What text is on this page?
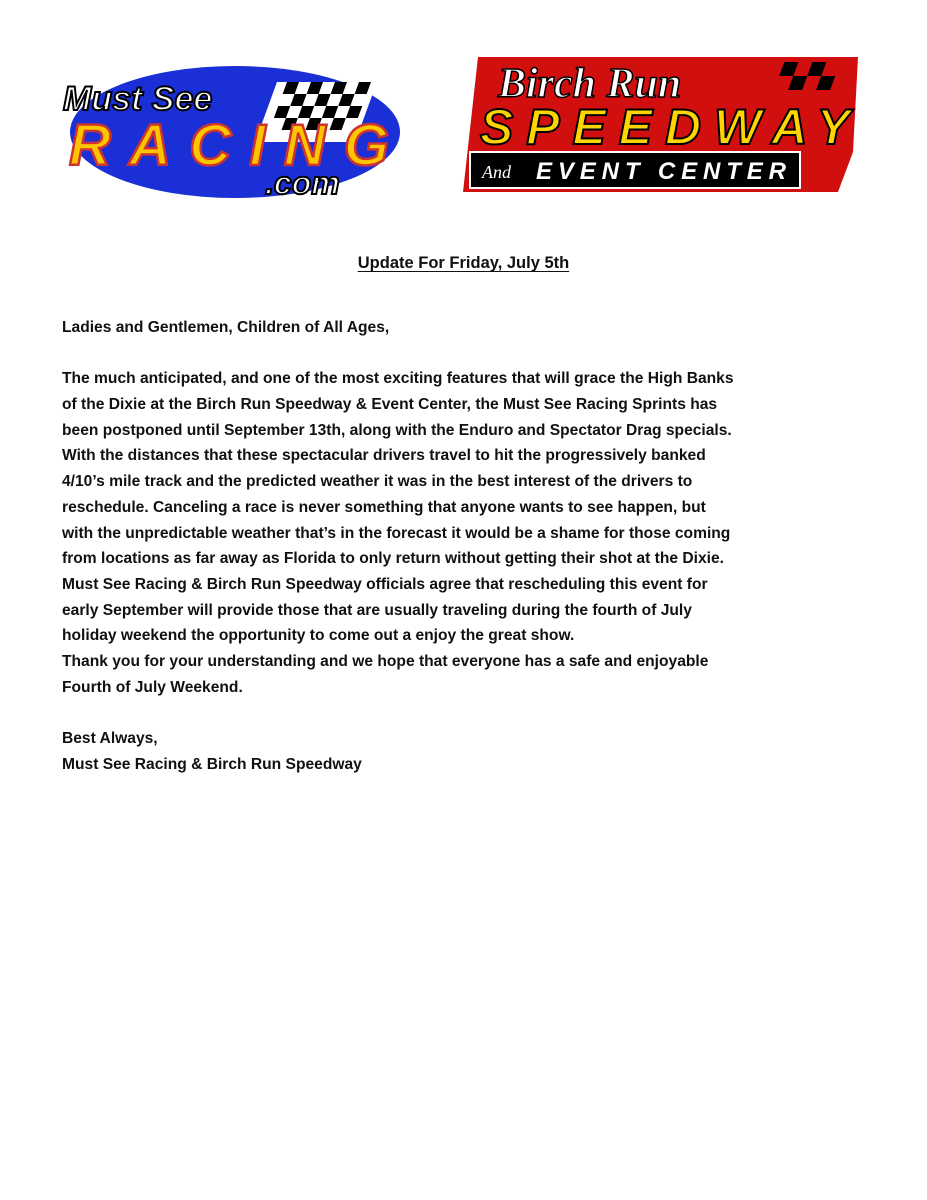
Must See
RACING
.com
Birch Run
SPEEDWAY
And EVENT CENTER
Update For Friday, July 5th
Ladies and Gentlemen, Children of All Ages,
The much anticipated, and one of the most exciting features that will grace the High Banks
of the Dixie at the Birch Run Speedway & Event Center, the Must See Racing Sprints has
been postponed until September 13th, along with the Enduro and Spectator Drag specials.
With the distances that these spectacular drivers travel to hit the progressively banked
4/10’s mile track and the predicted weather it was in the best interest of the drivers to
reschedule. Canceling a race is never something that anyone wants to see happen, but
with the unpredictable weather that’s in the forecast it would be a shame for those coming
from locations as far away as Florida to only return without getting their shot at the Dixie.
Must See Racing & Birch Run Speedway officials agree that rescheduling this event for
early September will provide those that are usually traveling during the fourth of July
holiday weekend the opportunity to come out a enjoy the great show.
Thank you for your understanding and we hope that everyone has a safe and enjoyable
Fourth of July Weekend.
Best Always,
Must See Racing & Birch Run Speedway
